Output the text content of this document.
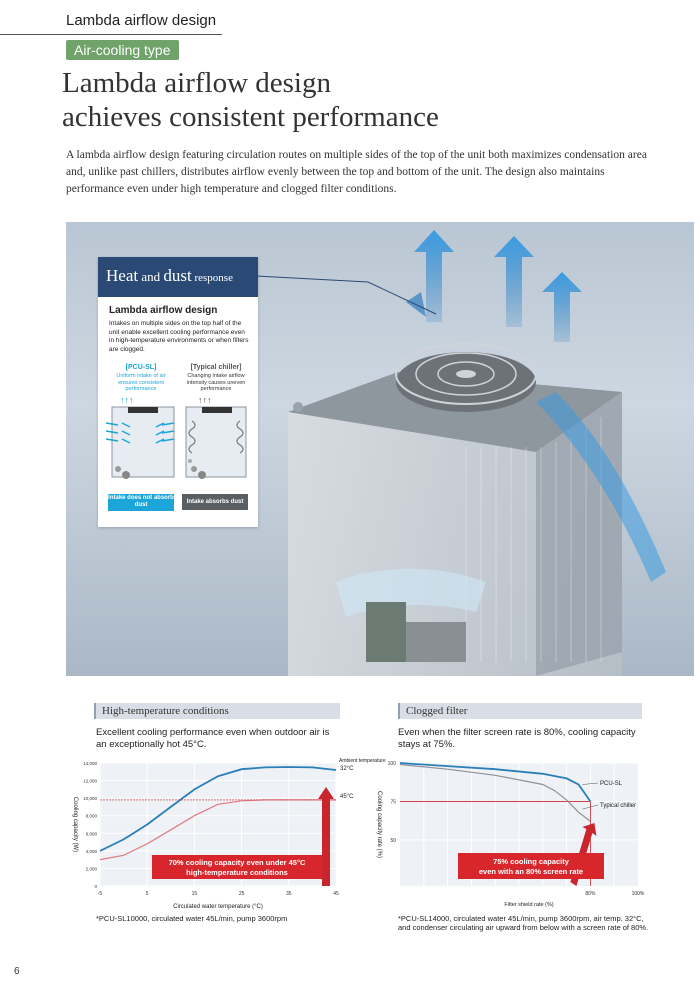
Lambda airflow design
Air-cooling type
Lambda airflow design
achieves consistent performance
A lambda airflow design featuring circulation routes on multiple sides of the top of the unit both maximizes condensation area and, unlike past chillers, distributes airflow evenly between the top and bottom of the unit. The design also maintains performance even under high temperature and clogged filter conditions.
Heat and dust response
Lambda airflow design
Intakes on multiple sides on the top half of the unit enable excellent cooling performance even in high-temperature environments or when filters are clogged.
[PCU-SL]	[Typical chiller]
Uniform intake of air ensures consistent performance
Changing intake airflow intensity causes uneven performance
↑↑↑	↑↑↑
Intake does not absorb dust	Intake absorbs dust
High-temperature conditions
Excellent cooling performance even when outdoor air is an exceptionally hot 45°C.
0
2,000
4,000
6,000
8,000
10,000
12,000
14,000
-5	5	15	25	35	45
Circulated water temperature (°C)
Cooling capacity (W)
32°C
45°C
Ambient temperature
70% cooling capacity even under 45°C
high-temperature conditions
*PCU-SL10000, circulated water 45L/min, pump 3600rpm
Clogged filter
Even when the filter screen rate is 80%, cooling capacity stays at 75%.
50
75
100
80%	100%
Filter shield rate (%)
Cooling capacity rate (%)
PCU-SL
Typical chiller
75% cooling capacity
even with an 80% screen rate
*PCU-SL14000, circulated water 45L/min, pump 3600rpm, air temp. 32°C,
and condenser circulating air upward from below with a screen rate of 80%.
6
